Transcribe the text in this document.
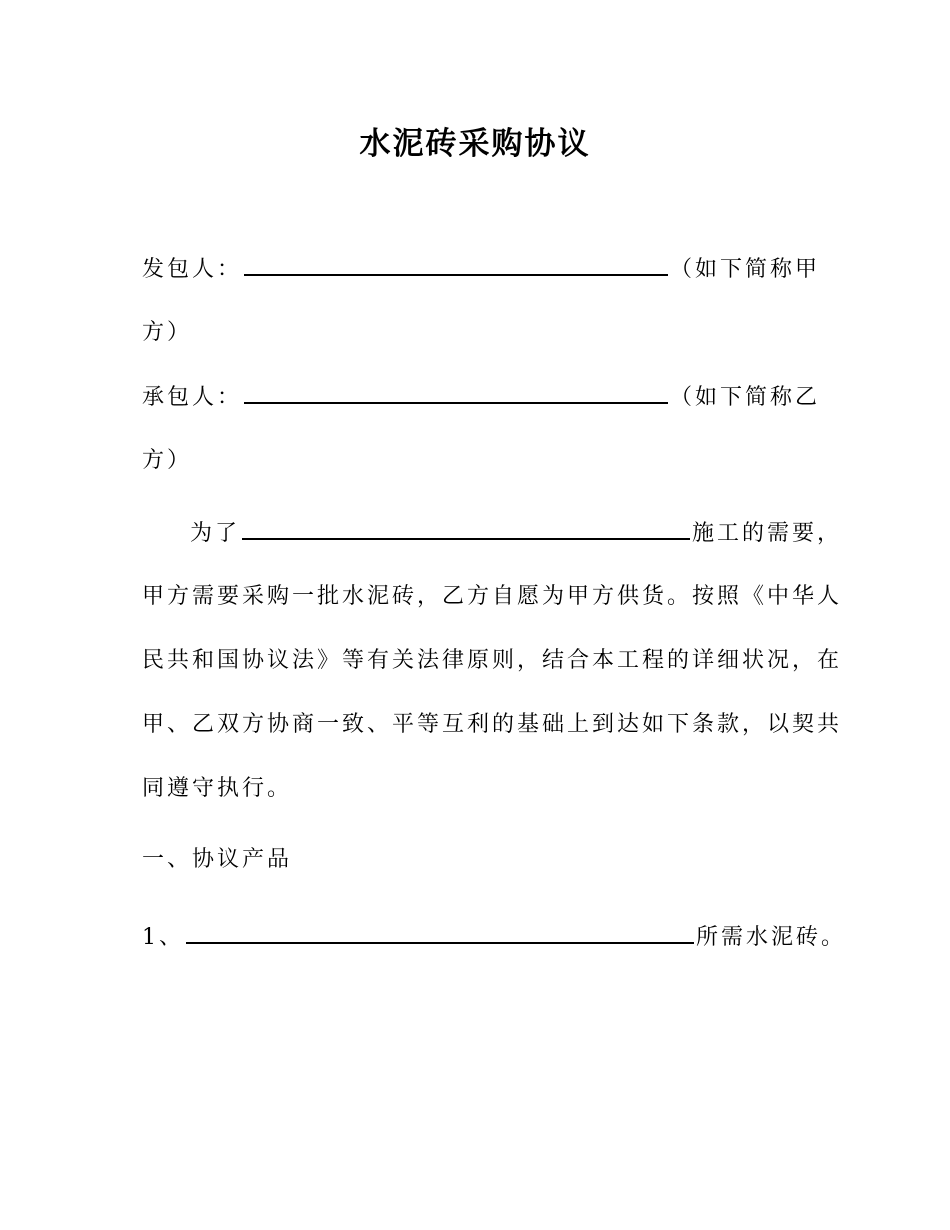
水泥砖采购协议
发包人：	（如下简称甲
方）
承包人：	（如下简称乙
方）
为了	施工的需要，
甲方需要采购一批水泥砖，乙方自愿为甲方供货。按照《中华人
民共和国协议法》等有关法律原则，结合本工程的详细状况，在
甲、乙双方协商一致、平等互利的基础上到达如下条款，以契共
同遵守执行。
一、协议产品
1、	所需水泥砖。
